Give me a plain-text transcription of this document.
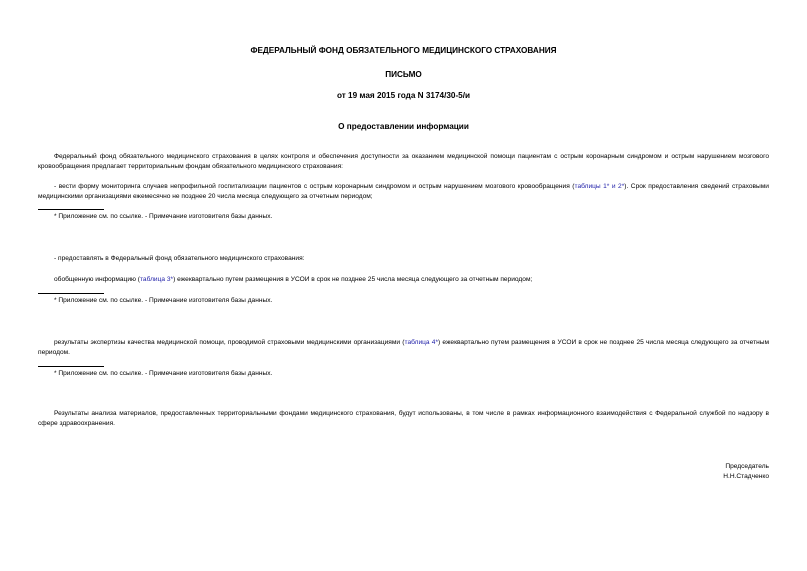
ФЕДЕРАЛЬНЫЙ ФОНД ОБЯЗАТЕЛЬНОГО МЕДИЦИНСКОГО СТРАХОВАНИЯ
ПИСЬМО
от 19 мая 2015 года N 3174/30-5/и
О предоставлении информации
Федеральный фонд обязательного медицинского страхования в целях контроля и обеспечения доступности за оказанием медицинской помощи пациентам с острым коронарным синдромом и острым нарушением мозгового кровообращения предлагает территориальным фондам обязательного медицинского страхования:
- вести форму мониторинга случаев непрофильной госпитализации пациентов с острым коронарным синдромом и острым нарушением мозгового кровообращения (таблицы 1* и 2*). Срок предоставления сведений страховыми медицинскими организациями ежемесячно не позднее 20 числа месяца следующего за отчетным периодом;
* Приложение см. по ссылке. - Примечание изготовителя базы данных.
- предоставлять в Федеральный фонд обязательного медицинского страхования:
обобщенную информацию (таблица 3*) ежеквартально путем размещения в УСОИ в срок не позднее 25 числа месяца следующего за отчетным периодом;
* Приложение см. по ссылке. - Примечание изготовителя базы данных.
результаты экспертизы качества медицинской помощи, проводимой страховыми медицинскими организациями (таблица 4*) ежеквартально путем размещения в УСОИ в срок не позднее 25 числа месяца следующего за отчетным периодом.
* Приложение см. по ссылке. - Примечание изготовителя базы данных.
Результаты анализа материалов, предоставленных территориальными фондами медицинского страхования, будут использованы, в том числе в рамках информационного взаимодействия с Федеральной службой по надзору в сфере здравоохранения.
Председатель
Н.Н.Стадченко
